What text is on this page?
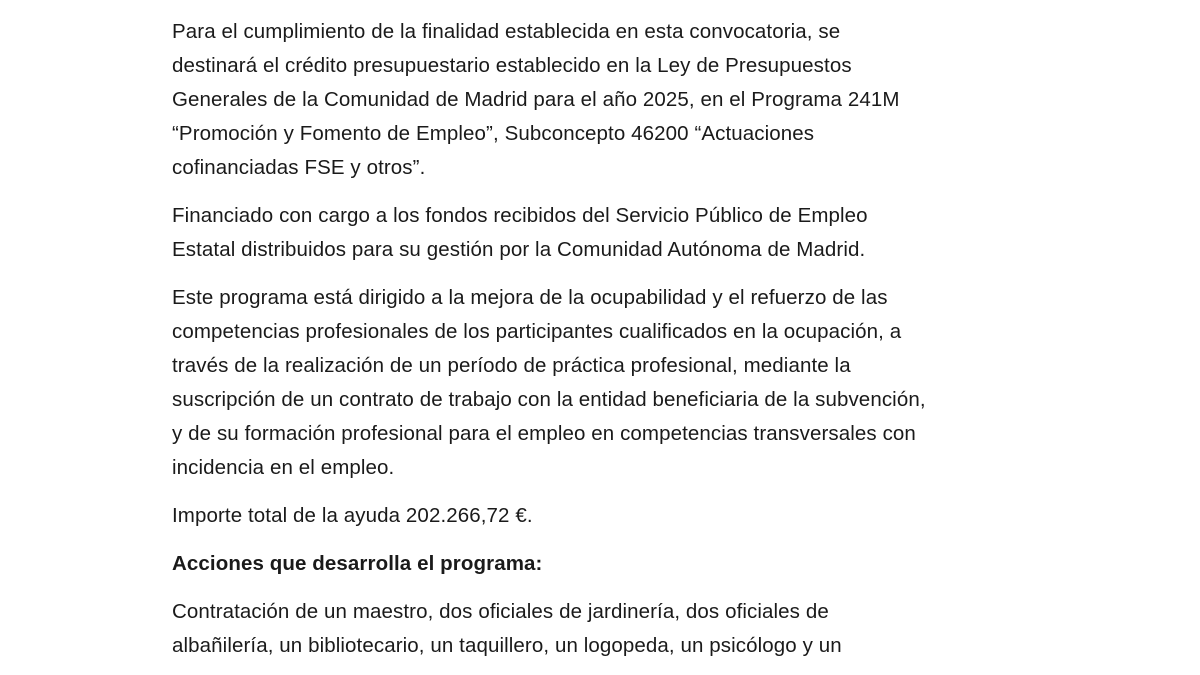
Para el cumplimiento de la finalidad establecida en esta convocatoria, se
destinará el crédito presupuestario establecido en la Ley de Presupuestos
Generales de la Comunidad de Madrid para el año 2025, en el Programa 241M
“Promoción y Fomento de Empleo”, Subconcepto 46200 “Actuaciones
cofinanciadas FSE y otros”.

Financiado con cargo a los fondos recibidos del Servicio Público de Empleo
Estatal distribuidos para su gestión por la Comunidad Autónoma de Madrid.

Este programa está dirigido a la mejora de la ocupabilidad y el refuerzo de las
competencias profesionales de los participantes cualificados en la ocupación, a
través de la realización de un período de práctica profesional, mediante la
suscripción de un contrato de trabajo con la entidad beneficiaria de la subvención,
y de su formación profesional para el empleo en competencias transversales con
incidencia en el empleo.

Importe total de la ayuda 202.266,72 €.

Acciones que desarrolla el programa:

Contratación de un maestro, dos oficiales de jardinería, dos oficiales de
albañilería, un bibliotecario, un taquillero, un logopeda, un psicólogo y un
